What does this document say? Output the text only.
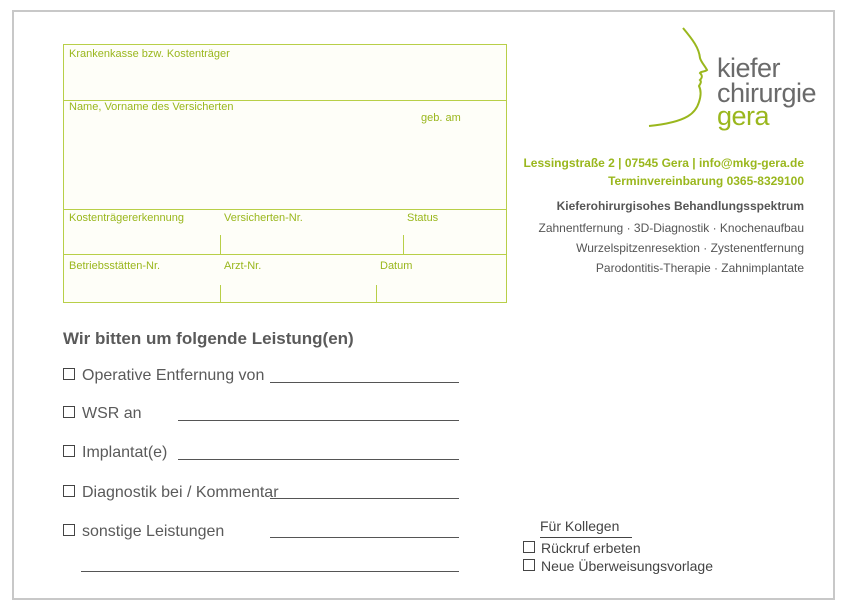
Krankenkasse bzw. Kostenträger
Name, Vorname des Versicherten
geb. am
Kostenträgererkennung	Versicherten-Nr.	Status
Betriebsstätten-Nr.	Arzt-Nr.	Datum
kiefer
chirurgie
gera
Lessingstraße 2 | 07545 Gera | info@mkg-gera.de
Terminvereinbarung 0365-8329100
Kieferohirurgisohes Behandlungsspektrum
Zahnentfernung · 3D-Diagnostik · Knochenaufbau
Wurzelspitzenresektion · Zystenentfernung
Parodontitis-Therapie · Zahnimplantate
Wir bitten um folgende Leistung(en)
Operative Entfernung von
WSR an
Implantat(e)
Diagnostik bei / Kommentar
sonstige Leistungen	Für Kollegen
Rückruf erbeten
Neue Überweisungsvorlage
